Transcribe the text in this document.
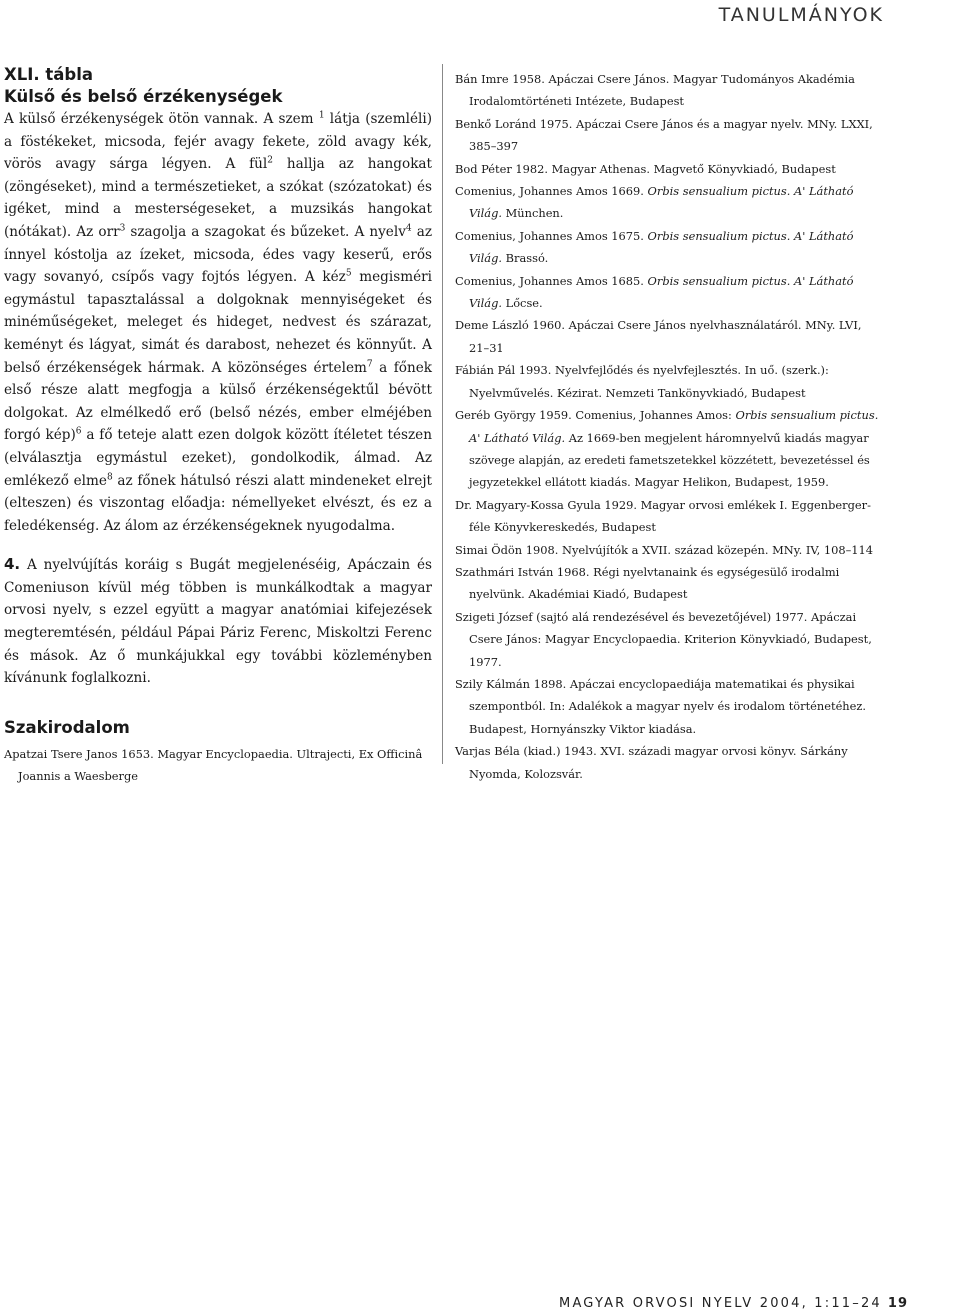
TANULMÁNYOK

XLI. tábla
Külső és belső érzékenységek

A külső érzékenységek ötön vannak. A szem $^1$ látja (szemléli) a föstékeket, micsoda, fejér avagy fekete, zöld avagy kék, vörös avagy sárga légyen. A fül$^2$ hallja az hangokat (zöngéseket), mind a természetieket, a szókat (szózatokat) és igéket, mind a mesterségeseket, a muzsikás hangokat (nótákat). Az orr$^3$ szagolja a szagokat és bűzeket. A nyelv$^4$ az ínnyel kóstolja az ízeket, micsoda, édes vagy keserű, erős vagy sovanyó, csípős vagy fojtós légyen. A kéz$^5$ megisméri egymástul tapasztalással a dolgoknak mennyiségeket és minéműségeket, meleget és hideget, nedvest és szárazat, keményt és lágyat, simát és darabost, nehezet és könnyűt. A belső érzékenségek hármak. A közönséges értelem$^7$ a főnek első része alatt megfogja a külső érzékenségektűl bévött dolgokat. Az elmélkedő erő (belső nézés, ember elméjében forgó kép)$^6$ a fő teteje alatt ezen dolgok között ítéletet tészen (elválasztja egymástul ezeket), gondolkodik, álmad. Az emlékező elme$^8$ az főnek hátulsó részi alatt mindeneket elrejt (elteszen) és viszontag előadja: némellyeket elvészt, és ez a feledékenség. Az álom az érzékenségeknek nyugodalma.

4. A nyelvújítás koráig s Bugát megjelenéséig, Apáczain és Comeniuson kívül még többen is munkálkodtak a magyar orvosi nyelv, s ezzel együtt a magyar anatómiai kifejezések megteremtésén, például Pápai Páriz Ferenc, Miskoltzi Ferenc és mások. Az ő munkájukkal egy további közleményben kívánunk foglalkozni.

Szakirodalom

Apatzai Tsere Janos 1653. Magyar Encyclopaedia. Ultrajecti, Ex Officinâ Joannis a Waesberge

Bán Imre 1958. Apáczai Csere János. Magyar Tudományos Akadémia Irodalomtörténeti Intézete, Budapest

Benkő Loránd 1975. Apáczai Csere János és a magyar nyelv. MNy. LXXI, 385–397

Bod Péter 1982. Magyar Athenas. Magvető Könyvkiadó, Budapest

Comenius, Johannes Amos 1669. Orbis sensualium pictus. A' Látható Világ. München.

Comenius, Johannes Amos 1675. Orbis sensualium pictus. A' Látható Világ. Brassó.

Comenius, Johannes Amos 1685. Orbis sensualium pictus. A' Látható Világ. Lőcse.

Deme László 1960. Apáczai Csere János nyelvhasználatáról. MNy. LVI, 21–31

Fábián Pál 1993. Nyelvfejlődés és nyelvfejlesztés. In uő. (szerk.): Nyelvművelés. Kézirat. Nemzeti Tankönyvkiadó, Budapest

Geréb György 1959. Comenius, Johannes Amos: Orbis sensualium pictus. A' Látható Világ. Az 1669-ben megjelent háromnyelvű kiadás magyar szövege alapján, az eredeti fametszetekkel közzétett, bevezetéssel és jegyzetekkel ellátott kiadás. Magyar Helikon, Budapest, 1959.

Dr. Magyary-Kossa Gyula 1929. Magyar orvosi emlékek I. Eggenberger-féle Könyvkereskedés, Budapest

Simai Ödön 1908. Nyelvújítók a XVII. század közepén. MNy. IV, 108–114

Szathmári István 1968. Régi nyelvtanaink és egységesülő irodalmi nyelvünk. Akadémiai Kiadó, Budapest

Szigeti József (sajtó alá rendezésével és bevezetőjével) 1977. Apáczai Csere János: Magyar Encyclopaedia. Kriterion Könyvkiadó, Budapest, 1977.

Szily Kálmán 1898. Apáczai encyclopaediája matematikai és physikai szempontból. In: Adalékok a magyar nyelv és irodalom történetéhez. Budapest, Hornyánszky Viktor kiadása.

Varjas Béla (kiad.) 1943. XVI. századi magyar orvosi könyv. Sárkány Nyomda, Kolozsvár.

MAGYAR ORVOSI NYELV 2004, 1:11–24 19
